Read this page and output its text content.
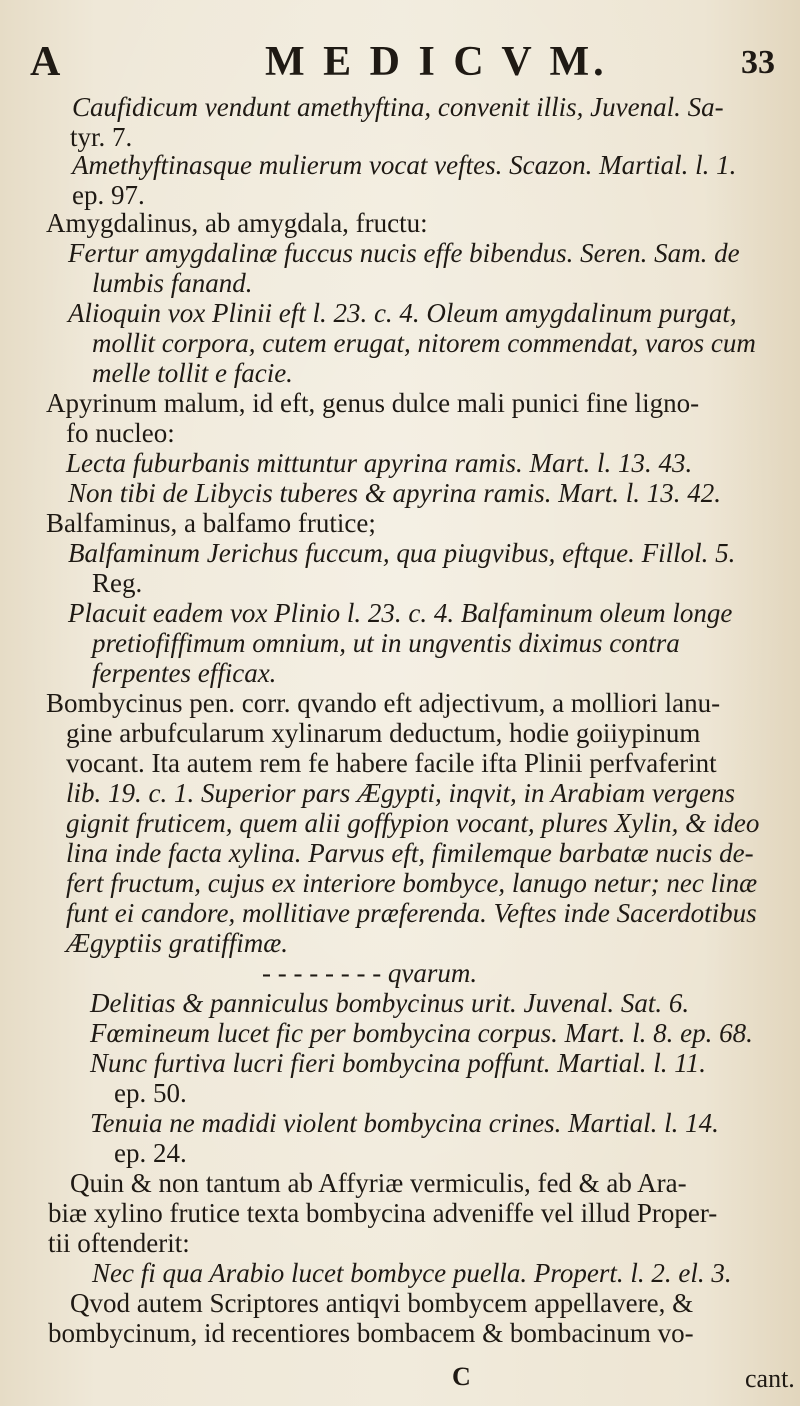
A	M E D I C V M.	33
Caufidicum vendunt amethyftina, convenit illis, Juvenal. Sa-
tyr. 7.
Amethyftinasque mulierum vocat veftes. Scazon. Martial. l. 1.
ep. 97.
Amygdalinus, ab amygdala, fructu:
Fertur amygdalinæ fuccus nucis effe bibendus. Seren. Sam. de
lumbis fanand.
Alioquin vox Plinii eft l. 23. c. 4. Oleum amygdalinum purgat,
mollit corpora, cutem erugat, nitorem commendat, varos cum
melle tollit e facie.
Apyrinum malum, id eft, genus dulce mali punici fine ligno-
fo nucleo:
Lecta fuburbanis mittuntur apyrina ramis. Mart. l. 13. 43.
Non tibi de Libycis tuberes & apyrina ramis. Mart. l. 13. 42.
Balfaminus, a balfamo frutice;
Balfaminum Jerichus fuccum, qua piugvibus, eftque. Fillol. 5.
Reg.
Placuit eadem vox Plinio l. 23. c. 4. Balfaminum oleum longe
pretiofiffimum omnium, ut in ungventis diximus contra
ferpentes efficax.
Bombycinus pen. corr. qvando eft adjectivum, a molliori lanu-
gine arbufcularum xylinarum deductum, hodie goiiypinum
vocant. Ita autem rem fe habere facile ifta Plinii perfvaferint
lib. 19. c. 1. Superior pars Ægypti, inqvit, in Arabiam vergens
gignit fruticem, quem alii goffypion vocant, plures Xylin, & ideo
lina inde facta xylina. Parvus eft, fimilemque barbatæ nucis de-
fert fructum, cujus ex interiore bombyce, lanugo netur; nec linæ
funt ei candore, mollitiave præferenda. Veftes inde Sacerdotibus
Ægyptiis gratiffimæ.
- - - - - - - - qvarum.
Delitias & panniculus bombycinus urit. Juvenal. Sat. 6.
Fœmineum lucet fic per bombycina corpus. Mart. l. 8. ep. 68.
Nunc furtiva lucri fieri bombycina poffunt. Martial. l. 11.
ep. 50.
Tenuia ne madidi violent bombycina crines. Martial. l. 14.
ep. 24.
Quin & non tantum ab Affyriæ vermiculis, fed & ab Ara-
biæ xylino frutice texta bombycina adveniffe vel illud Proper-
tii oftenderit:
Nec fi qua Arabio lucet bombyce puella. Propert. l. 2. el. 3.
Qvod autem Scriptores antiqvi bombycem appellavere, &
bombycinum, id recentiores bombacem & bombacinum vo-
C	cant.
